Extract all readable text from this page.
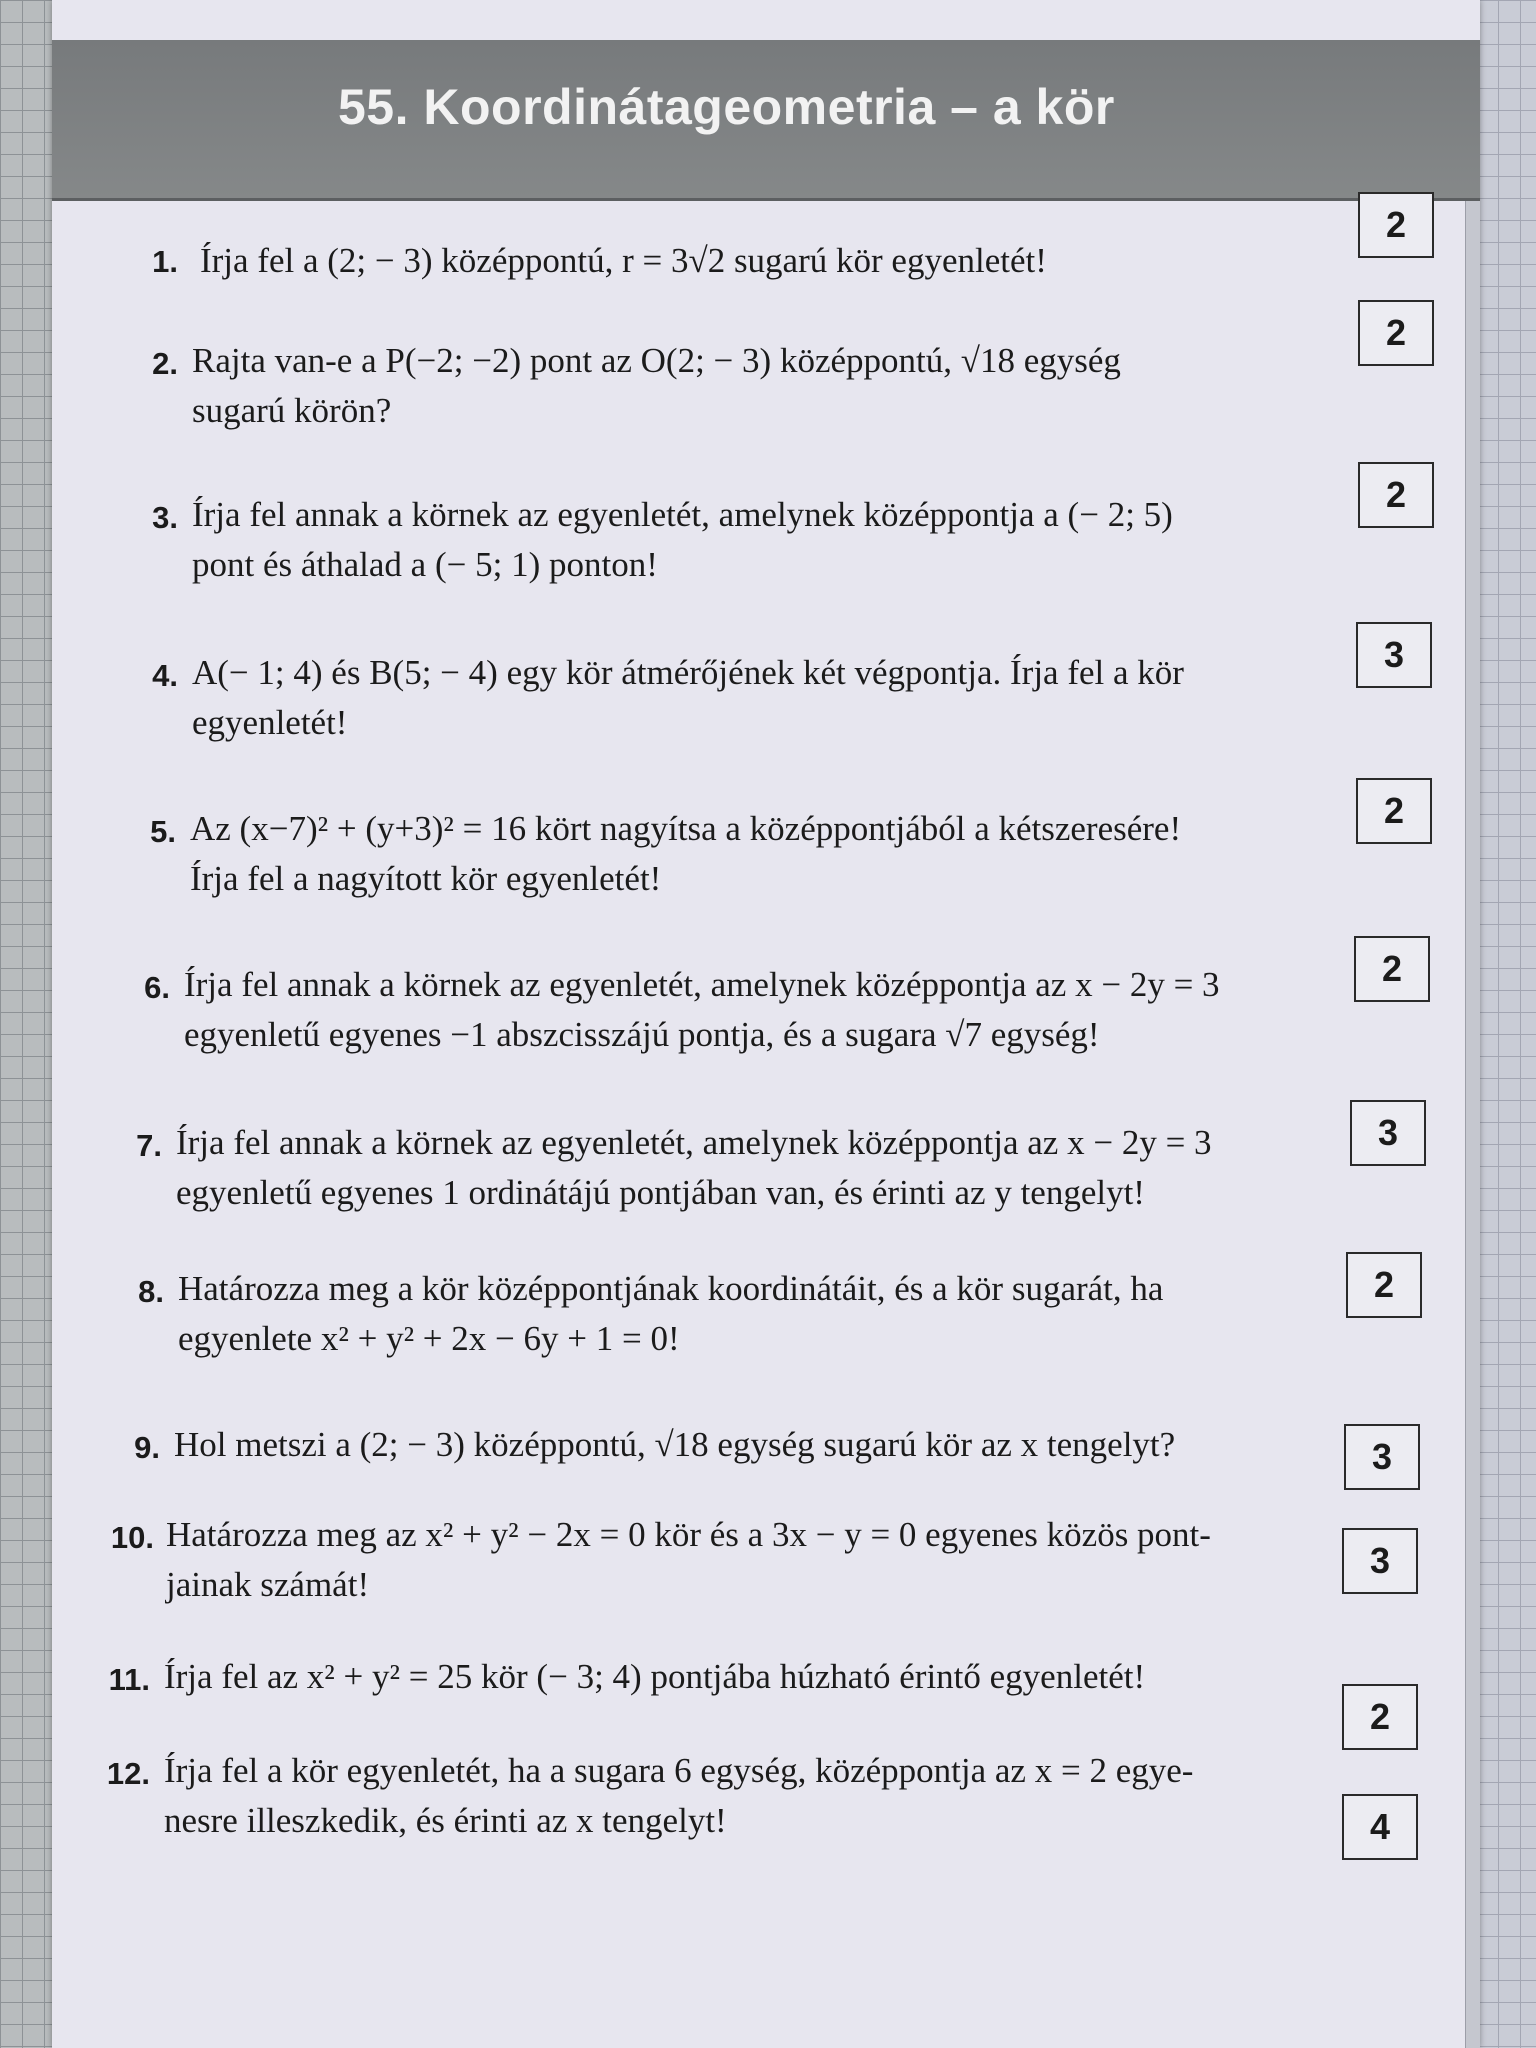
55. Koordinátageometria – a kör
1. Írja fel a (2; − 3) középpontú, r = 3√2 sugarú kör egyenletét!
2
2. Rajta van-e a P(−2; −2) pont az O(2; − 3) középpontú, √18 egység
sugarú körön?
2
3. Írja fel annak a körnek az egyenletét, amelynek középpontja a (− 2; 5)
pont és áthalad a (− 5; 1) ponton!
2
4. A(− 1; 4) és B(5; − 4) egy kör átmérőjének két végpontja. Írja fel a kör
egyenletét!
3
5. Az (x−7)² + (y+3)² = 16 kört nagyítsa a középpontjából a kétszeresére!
Írja fel a nagyított kör egyenletét!
2
6. Írja fel annak a körnek az egyenletét, amelynek középpontja az x − 2y = 3
egyenletű egyenes −1 abszcisszájú pontja, és a sugara √7 egység!
2
7. Írja fel annak a körnek az egyenletét, amelynek középpontja az x − 2y = 3
egyenletű egyenes 1 ordinátájú pontjában van, és érinti az y tengelyt!
3
8. Határozza meg a kör középpontjának koordinátáit, és a kör sugarát, ha
egyenlete x² + y² + 2x − 6y + 1 = 0!
2
9. Hol metszi a (2; − 3) középpontú, √18 egység sugarú kör az x tengelyt?	3
10. Határozza meg az x² + y² − 2x = 0 kör és a 3x − y = 0 egyenes közös pont-
jainak számát!
3
11. Írja fel az x² + y² = 25 kör (− 3; 4) pontjába húzható érintő egyenletét!
2
12. Írja fel a kör egyenletét, ha a sugara 6 egység, középpontja az x = 2 egye-
nesre illeszkedik, és érinti az x tengelyt!	4
